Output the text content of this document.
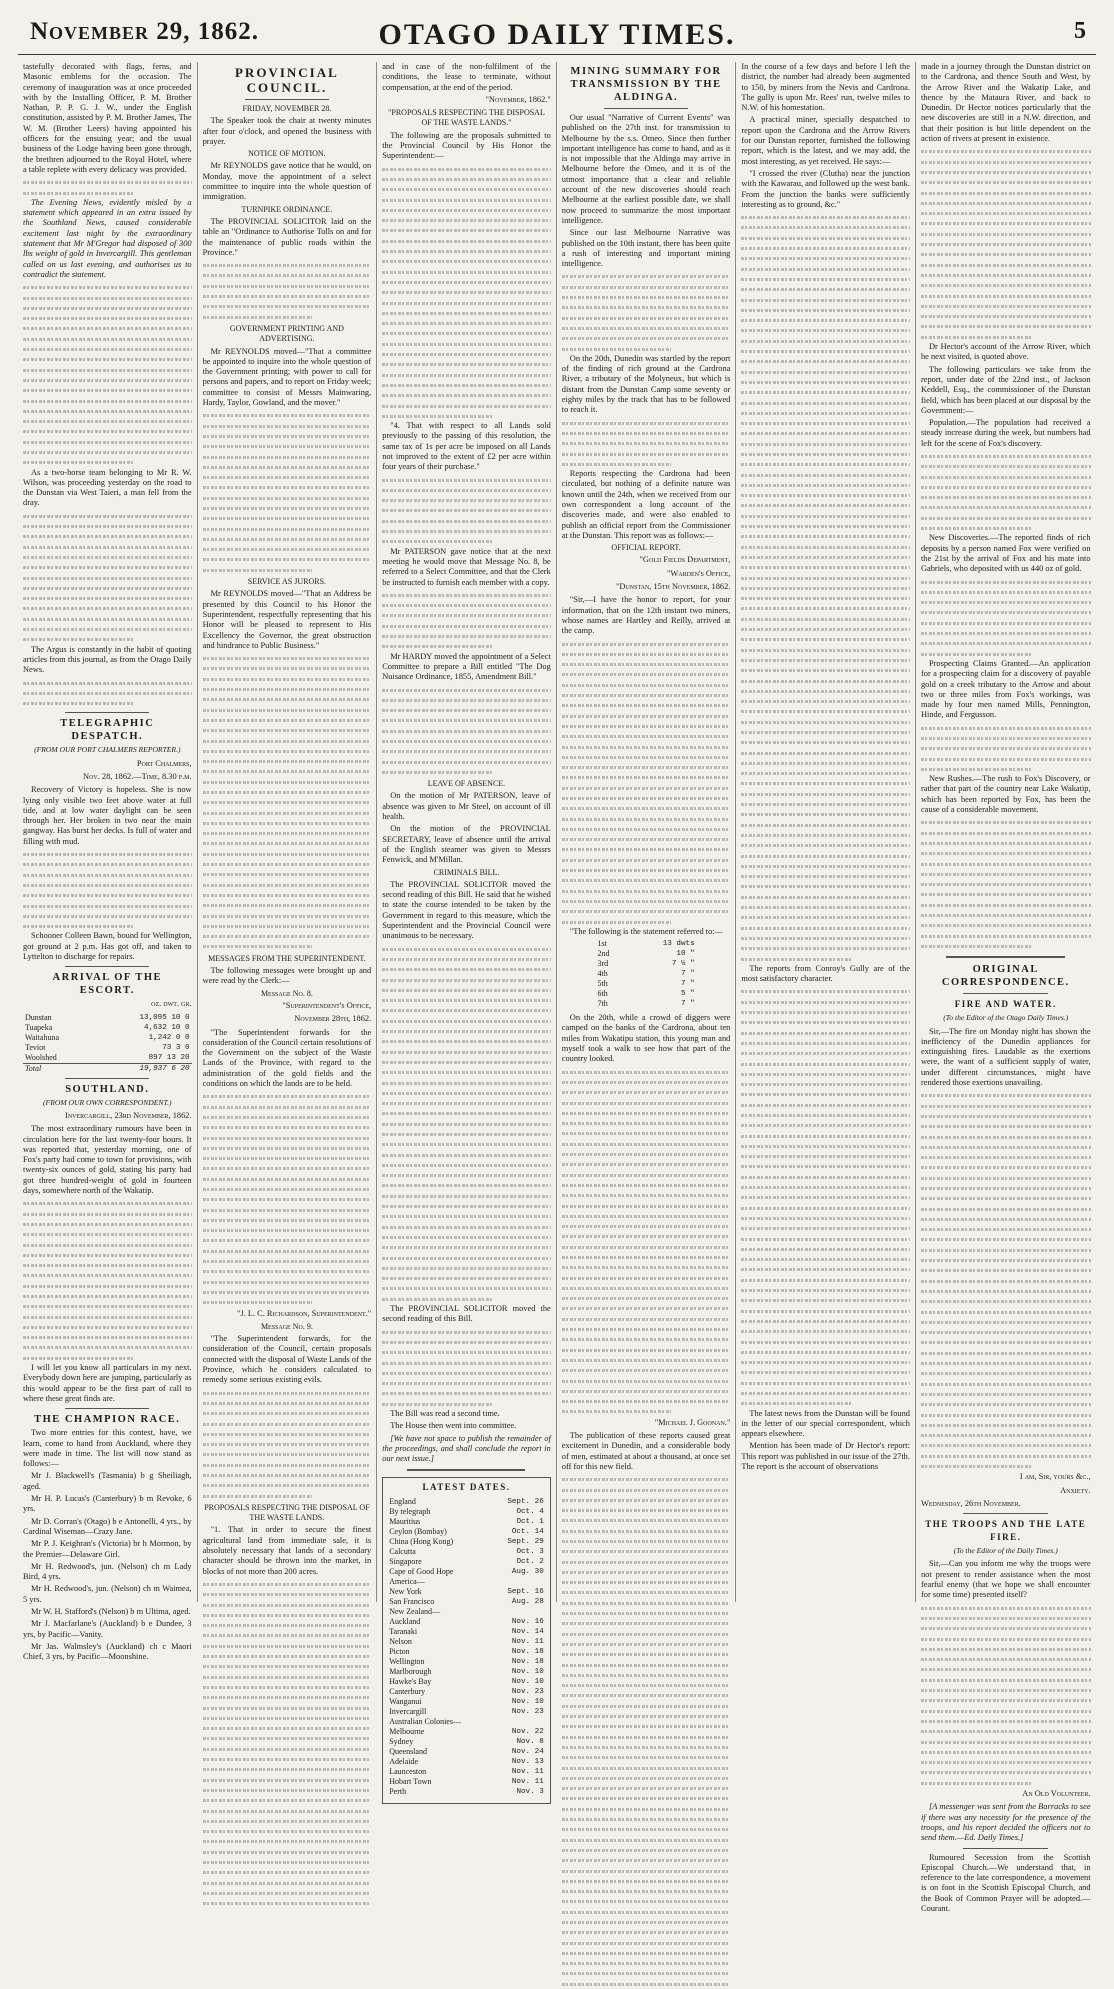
November 29, 1862.	OTAGO DAILY TIMES.	5

tastefully decorated with flags, ferns, and Masonic emblems for the occasion. The ceremony of inauguration was at once proceeded with by the Installing Officer, P. M. Brother Nathan, P. P. G. J. W., under the English constitution, assisted by P. M. Brother James, The W. M. (Brother Leers) having appointed his officers for the ensuing year; and the usual business of the Lodge having been gone through, the brethren adjourned to the Royal Hotel, where a table replete with every delicacy was provided.

The Evening News, evidently misled by a statement which appeared in an extra issued by the Southland News, caused considerable excitement last night by the extraordinary statement that Mr M'Gregor had disposed of 300 lbs weight of gold in Invercargill. This gentleman called on us last evening, and authorises us to contradict the statement.

As a two-horse team belonging to Mr R. W. Wilson, was proceeding yesterday on the road to the Dunstan via West Taieri, a man fell from the dray.

The Argus is constantly in the habit of quoting articles from this journal, as from the Otago Daily News.

TELEGRAPHIC DESPATCH.
(FROM OUR PORT CHALMERS REPORTER.)
Port Chalmers,
Nov. 28, 1862.—Time, 8.30 p.m.

Recovery of Victory is hopeless. She is now lying only visible two feet above water at full tide, and at low water daylight can be seen through her. Her broken in two near the main gangway. Has burst her decks. Is full of water and filling with mud.

Schooner Colleen Bawn, bound for Wellington, got ground at 2 p.m. Has got off, and taken to Lyttelton to discharge for repairs.

ARRIVAL OF THE ESCORT.
oz. dwt. gr.
Dunstan	13,095 10 0
Tuapeka	4,632 10 0
Waitahuna	1,242 0 0
Teviot	73 3 0
Woolshed	897 13 20
Total	19,937 6 20
SOUTHLAND.
(FROM OUR OWN CORRESPONDENT.)
Invercargill, 23rd November, 1862.

The most extraordinary rumours have been in circulation here for the last twenty-four hours. It was reported that, yesterday morning, one of Fox's party had come to town for provisions, with twenty-six ounces of gold, stating his party had got three hundred-weight of gold in fourteen days, somewhere north of the Wakatip.

I will let you know all particulars in my next. Everybody down here are jumping, particularly as this would appear to be the first part of call to where these great finds are.

THE CHAMPION RACE.

Two more entries for this contest, have, we learn, come to hand from Auckland, where they were made in time. The list will now stand as follows:—

Mr J. Blackwell's (Tasmania) b g Sheiliagh, aged.

Mr H. P. Lucas's (Canterbury) b m Revoke, 6 yrs.

Mr D. Corran's (Otago) b e Antonelli, 4 yrs., by Cardinal Wiseman—Crazy Jane.

Mr P. J. Keighran's (Victoria) br h Mormon, by the Premier—Delaware Girl.

Mr H. Redwood's, jun. (Nelson) ch m Lady Bird, 4 yrs.

Mr H. Redwood's, jun. (Nelson) ch m Waimea, 5 yrs.

Mr W. H. Stafford's (Nelson) b m Ultima, aged.

Mr J. Macfarlane's (Auckland) b e Dundee, 3 yrs, by Pacific—Vanity.

Mr Jas. Walmsley's (Auckland) ch c Maori Chief, 3 yrs, by Pacific—Moonshine.

PROVINCIAL COUNCIL.
FRIDAY, NOVEMBER 28.

The Speaker took the chair at twenty minutes after four o'clock, and opened the business with prayer.

NOTICE OF MOTION.

Mr REYNOLDS gave notice that he would, on Monday, move the appointment of a select committee to inquire into the whole question of immigration.

TURNPIKE ORDINANCE.

The PROVINCIAL SOLICITOR laid on the table an "Ordinance to Authorise Tolls on and for the maintenance of public roads within the Province."

GOVERNMENT PRINTING AND ADVERTISING.

Mr REYNOLDS moved—"That a committee be appointed to inquire into the whole question of the Government printing; with power to call for persons and papers, and to report on Friday week; committee to consist of Messrs Mainwaring, Hardy, Taylor, Gowland, and the mover."

SERVICE AS JURORS.

Mr REYNOLDS moved—"That an Address be presented by this Council to his Honor the Superintendent, respectfully representing that his Honor will be pleased to represent to His Excellency the Governor, the great obstruction and hindrance to Public Business."

MESSAGES FROM THE SUPERINTENDENT.

The following messages were brought up and were read by the Clerk:—

Message No. 8.
"Superintendent's Office,
November 28th, 1862.

"The Superintendent forwards for the consideration of the Council certain resolutions of the Government on the subject of the Waste Lands of the Province, with regard to the administration of the gold fields and the conditions on which the lands are to be held.

"J. L. C. Richardson, Superintendent."
Message No. 9.

"The Superintendent forwards, for the consideration of the Council, certain proposals connected with the disposal of Waste Lands of the Province, which he considers calculated to remedy some serious existing evils.

PROPOSALS RESPECTING THE DISPOSAL OF THE WASTE LANDS.

"1. That in order to secure the finest agricultural land from immediate sale, it is absolutely necessary that lands of a secondary character should be thrown into the market, in blocks of not more than 200 acres.

and in case of the non-fulfilment of the conditions, the lease to terminate, without compensation, at the end of the period.

"November, 1862."
"PROPOSALS RESPECTING THE DISPOSAL OF THE WASTE LANDS."

The following are the proposals submitted to the Provincial Council by His Honor the Superintendent:—

"4. That with respect to all Lands sold previously to the passing of this resolution, the same tax of 1s per acre be imposed on all Lands not improved to the extent of £2 per acre within four years of their purchase."

Mr PATERSON gave notice that at the next meeting he would move that Message No. 8, be referred to a Select Committee, and that the Clerk be instructed to furnish each member with a copy.

Mr HARDY moved the appointment of a Select Committee to prepare a Bill entitled "The Dog Nuisance Ordinance, 1855, Amendment Bill."

LEAVE OF ABSENCE.

On the motion of Mr PATERSON, leave of absence was given to Mr Steel, on account of ill health.

On the motion of the PROVINCIAL SECRETARY, leave of absence until the arrival of the English steamer was given to Messrs Fenwick, and M'Millan.

CRIMINALS BILL.

The PROVINCIAL SOLICITOR moved the second reading of this Bill. He said that he wished to state the course intended to be taken by the Government in regard to this measure, which the Superintendent and the Provincial Council were unanimous to be necessary.

The PROVINCIAL SOLICITOR moved the second reading of this Bill.

The Bill was read a second time.

The House then went into committee.

[We have not space to publish the remainder of the proceedings, and shall conclude the report in our next issue.]

LATEST DATES.
England	Sept. 26
By telegraph	Oct. 4
Mauritius	Oct. 1
Ceylon (Bombay)	Oct. 14
China (Hong Kong)	Sept. 29
Calcutta	Oct. 3
Singapore	Oct. 2
Cape of Good Hope	Aug. 30
America—	
New York	Sept. 16
San Francisco	Aug. 28
New Zealand—	
Auckland	Nov. 16
Taranaki	Nov. 14
Nelson	Nov. 11
Picton	Nov. 18
Wellington	Nov. 18
Marlborough	Nov. 10
Hawke's Bay	Nov. 10
Canterbury	Nov. 23
Wanganui	Nov. 10
Invercargill	Nov. 23
Australian Colonies—	
Melbourne	Nov. 22
Sydney	Nov. 8
Queensland	Nov. 24
Adelaide	Nov. 13
Launceston	Nov. 11
Hobart Town	Nov. 11
Perth	Nov. 3
MINING SUMMARY FOR TRANSMISSION BY THE ALDINGA.

Our usual "Narrative of Current Events" was published on the 27th inst. for transmission to Melbourne by the s.s. Omeo. Since then further important intelligence has come to hand, and as it is not impossible that the Aldinga may arrive in Melbourne before the Omeo, and it is of the utmost importance that a clear and reliable account of the new discoveries should reach Melbourne at the earliest possible date, we shall now proceed to summarize the most important intelligence.

Since our last Melbourne Narrative was published on the 10th instant, there has been quite a rush of interesting and important mining intelligence.

On the 20th, Dunedin was startled by the report of the finding of rich ground at the Cardrona River, a tributary of the Molyneux, but which is distant from the Dunstan Camp some seventy or eighty miles by the track that has to be followed to reach it.

Reports respecting the Cardrona had been circulated, but nothing of a definite nature was known until the 24th, when we received from our own correspondent a long account of the discoveries made, and were also enabled to publish an official report from the Commissioner at the Dunstan. This report was as follows:—

OFFICIAL REPORT.
"Gold Fields Department,
"Warden's Office,
"Dunstan, 15th November, 1862.

"Sir,—I have the honor to report, for your information, that on the 12th instant two miners, whose names are Hartley and Reilly, arrived at the camp.

"The following is the statement referred to:—

1st	13 dwts
2nd	10 "
3rd	7 ½ "
4th	7 "
5th	7 "
6th	5 "
7th	7 "

On the 20th, while a crowd of diggers were camped on the banks of the Cardrona, about ten miles from Wakatipu station, this young man and myself took a walk to see how that part of the country looked.

"Michael J. Goonan."

The publication of these reports caused great excitement in Dunedin, and a considerable body of men, estimated at about a thousand, at once set off for this new field.

In the course of a few days and before I left the district, the number had already been augmented to 150, by miners from the Nevis and Cardrona. The gully is upon Mr. Rees' run, twelve miles to N.W. of his homestation.

A practical miner, specially despatched to report upon the Cardrona and the Arrow Rivers for our Dunstan reporter, furnished the following report, which is the latest, and we may add, the most interesting, as yet received. He says:—

"I crossed the river (Clutha) near the junction with the Kawarau, and followed up the west bank. From the junction the banks were sufficiently interesting as to ground, &c."

The reports from Conroy's Gully are of the most satisfactory character.

The latest news from the Dunstan will be found in the letter of our special correspondent, which appears elsewhere.

Mention has been made of Dr Hector's report: This report was published in our issue of the 27th. The report is the account of observations

made in a journey through the Dunstan district on to the Cardrona, and thence South and West, by the Arrow River and the Wakatip Lake, and thence by the Mataura River, and back to Dunedin. Dr Hector notices particularly that the new discoveries are still in a N.W. direction, and that their position is but little dependent on the action of rivers at present in existence.

Dr Hector's account of the Arrow River, which he next visited, is quoted above.

The following particulars we take from the report, under date of the 22nd inst., of Jackson Keddell, Esq., the commissioner of the Dunstan field, which has been placed at our disposal by the Government:—

Population.—The population had received a steady increase during the week, but numbers had left for the scene of Fox's discovery.

New Discoveries.—The reported finds of rich deposits by a person named Fox were verified on the 21st by the arrival of Fox and his mate into Gabriels, who deposited with us 440 oz of gold.

Prospecting Claims Granted.—An application for a prospecting claim for a discovery of payable gold on a creek tributary to the Arrow and about two or three miles from Fox's workings, was made by four men named Mills, Pennington, Hinde, and Fergusson.

New Rushes.—The rush to Fox's Discovery, or rather that part of the country near Lake Wakatip, which has been reported by Fox, has been the cause of a considerable movement.

ORIGINAL CORRESPONDENCE.
FIRE AND WATER.
(To the Editor of the Otago Daily Times.)

Sir,—The fire on Monday night has shown the inefficiency of the Dunedin appliances for extinguishing fires. Laudable as the exertions were, the want of a sufficient supply of water, under different circumstances, might have rendered those exertions unavailing.

I am, Sir, yours &c.,
Anxiety.
Wednesday, 26th November.
THE TROOPS AND THE LATE FIRE.
(To the Editor of the Daily Times.)

Sir,—Can you inform me why the troops were not present to render assistance when the most fearful enemy (that we hope we shall encounter for some time) presented itself?

An Old Volunteer.

[A messenger was sent from the Barracks to see if there was any necessity for the presence of the troops, and his report decided the officers not to send them.—Ed. Daily Times.]

Rumoured Secession from the Scottish Episcopal Church.—We understand that, in reference to the late correspondence, a movement is on foot in the Scottish Episcopal Church, and the Book of Common Prayer will be adopted.—Courant.
